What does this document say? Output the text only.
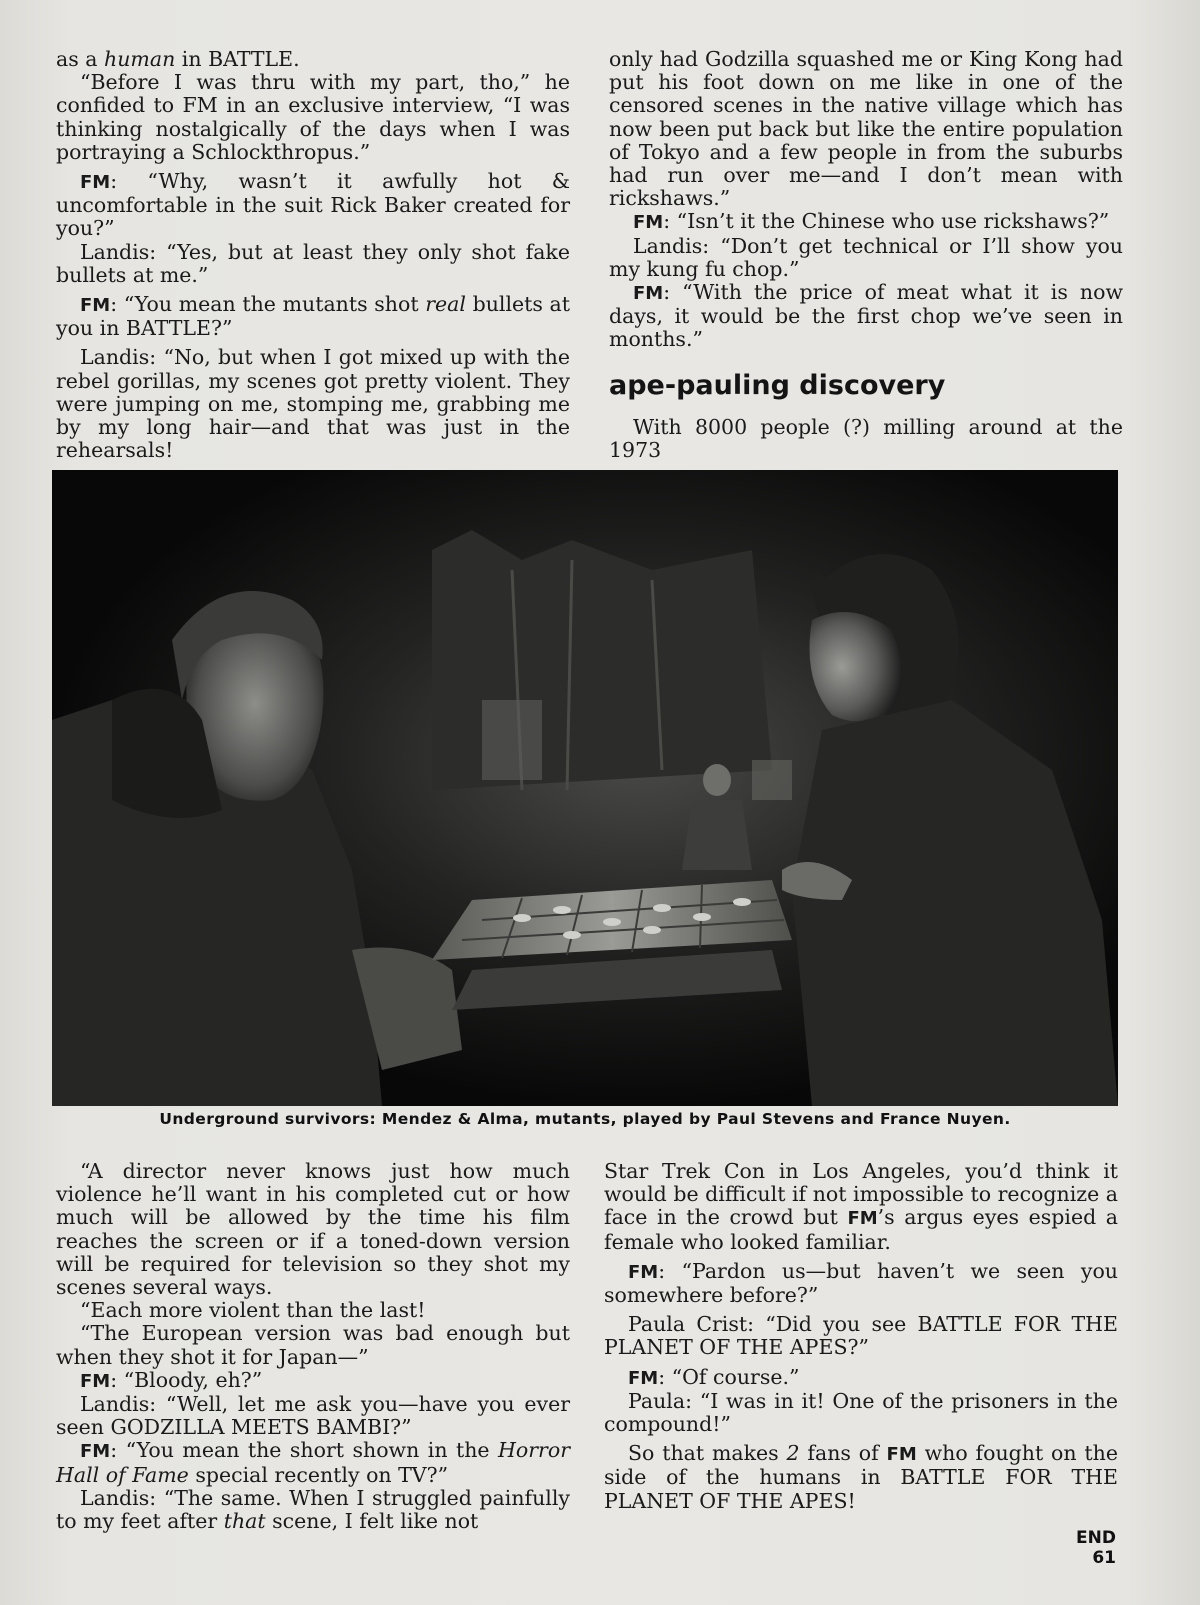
as a human in BATTLE.

“Before I was thru with my part, tho,” he confided to FM in an exclusive interview, “I was thinking nostalgically of the days when I was portraying a Schlockthropus.”

FM: “Why, wasn’t it awfully hot & uncomfortable in the suit Rick Baker created for you?”

Landis: “Yes, but at least they only shot fake bullets at me.”

FM: “You mean the mutants shot real bullets at you in BATTLE?”

Landis: “No, but when I got mixed up with the rebel gorillas, my scenes got pretty violent. They were jumping on me, stomping me, grabbing me by my long hair—and that was just in the rehearsals!

only had Godzilla squashed me or King Kong had put his foot down on me like in one of the censored scenes in the native village which has now been put back but like the entire population of Tokyo and a few people in from the suburbs had run over me—and I don’t mean with rickshaws.”

FM: “Isn’t it the Chinese who use rickshaws?”

Landis: “Don’t get technical or I’ll show you my kung fu chop.”

FM: “With the price of meat what it is now days, it would be the first chop we’ve seen in months.”

ape-pauling discovery

With 8000 people (?) milling around at the 1973

Underground survivors: Mendez & Alma, mutants, played by Paul Stevens and France Nuyen.

“A director never knows just how much violence he’ll want in his completed cut or how much will be allowed by the time his film reaches the screen or if a toned-down version will be required for television so they shot my scenes several ways.

“Each more violent than the last!

“The European version was bad enough but when they shot it for Japan—”

FM: “Bloody, eh?”

Landis: “Well, let me ask you—have you ever seen GODZILLA MEETS BAMBI?”

FM: “You mean the short shown in the Horror Hall of Fame special recently on TV?”

Landis: “The same. When I struggled painfully to my feet after that scene, I felt like not

Star Trek Con in Los Angeles, you’d think it would be difficult if not impossible to recognize a face in the crowd but FM’s argus eyes espied a female who looked familiar.

FM: “Pardon us—but haven’t we seen you somewhere before?”

Paula Crist: “Did you see BATTLE FOR THE PLANET OF THE APES?”

FM: “Of course.”

Paula: “I was in it! One of the prisoners in the compound!”

So that makes 2 fans of FM who fought on the side of the humans in BATTLE FOR THE PLANET OF THE APES!

END
61
